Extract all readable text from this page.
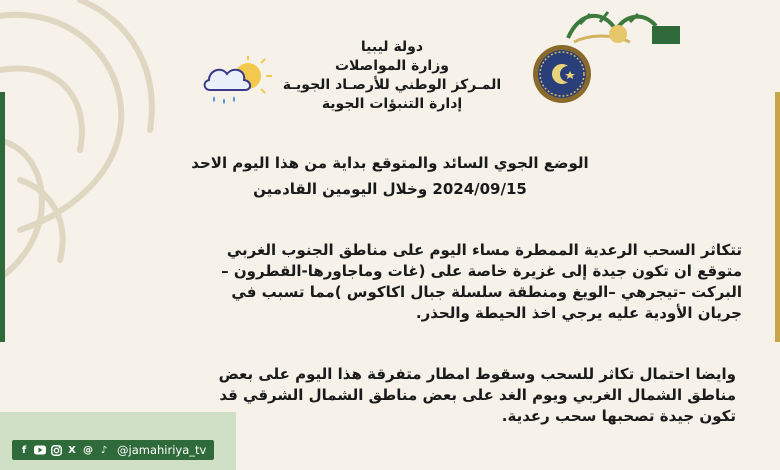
دولة ليبيا
وزارة المواصلات
المـركز الوطني للأرصـاد الجويـة
إدارة التنبؤات الجوية
الوضع الجوي السائد والمتوقع بداية من هذا اليوم الاحد
2024/09/15 وخلال اليومين القادمين
تتكاثر السحب الرعدية الممطرة مساء اليوم على مناطق الجنوب الغربي متوقع ان تكون جيدة إلى غزيرة خاصة على (غات وماجاورها-القطرون –البركت –تيجرهي –الويغ ومنطقة سلسلة جبال اكاكوس )مما تسبب في جريان الأودية عليه يرجي اخذ الحيطة والحذر.
وايضا احتمال تكاثر للسحب وسقوط امطار متفرقة هذا اليوم على بعض مناطق الشمال الغربي ويوم الغد على بعض مناطق الشمال الشرقي قد تكون جيدة تصحبها سحب رعدية.
f	X @ ♪ @jamahiriya_tv
